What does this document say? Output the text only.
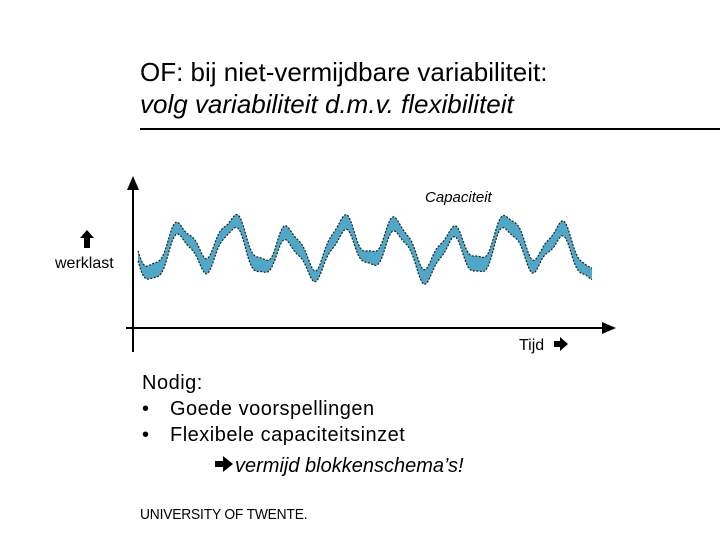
OF: bij niet-vermijdbare variabiliteit:
volg variabiliteit d.m.v. flexibiliteit
Capaciteit
werklast
Tijd
Nodig:
• Goede voorspellingen
• Flexibele capaciteitsinzet
vermijd blokkenschema’s!
UNIVERSITY OF TWENTE.
